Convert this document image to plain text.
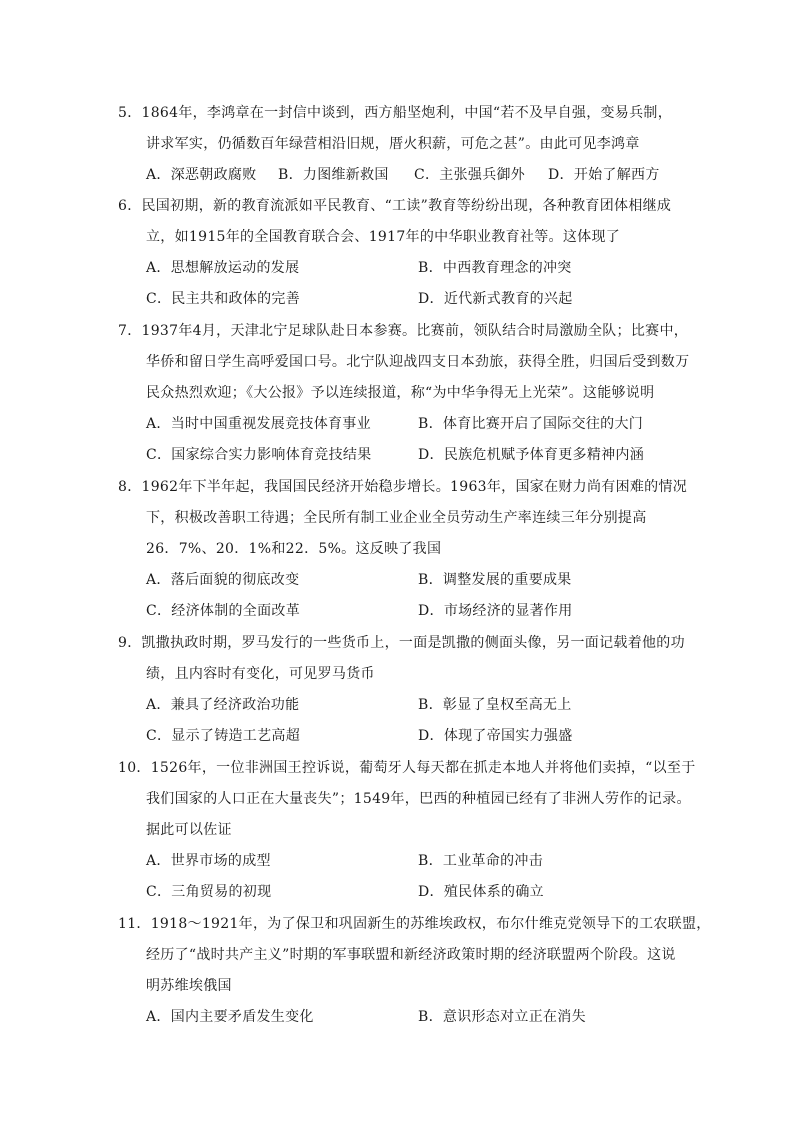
5．1864年，李鸿章在一封信中谈到，西方船坚炮利，中国“若不及早自强，变易兵制，
讲求军实，仍循数百年绿营相沿旧规，厝火积薪，可危之甚”。由此可见李鸿章
A．深恶朝政腐败 B．力图维新救国 C．主张强兵御外 D．开始了解西方
6．民国初期，新的教育流派如平民教育、“工读”教育等纷纷出现，各种教育团体相继成
立，如1915年的全国教育联合会、1917年的中华职业教育社等。这体现了
A．思想解放运动的发展	B．中西教育理念的冲突
C．民主共和政体的完善	D．近代新式教育的兴起
7．1937年4月，天津北宁足球队赴日本参赛。比赛前，领队结合时局激励全队；比赛中，
华侨和留日学生高呼爱国口号。北宁队迎战四支日本劲旅，获得全胜，归国后受到数万
民众热烈欢迎；《大公报》予以连续报道，称“为中华争得无上光荣”。这能够说明
A．当时中国重视发展竞技体育事业	B．体育比赛开启了国际交往的大门
C．国家综合实力影响体育竞技结果	D．民族危机赋予体育更多精神内涵
8．1962年下半年起，我国国民经济开始稳步增长。1963年，国家在财力尚有困难的情况
下，积极改善职工待遇；全民所有制工业企业全员劳动生产率连续三年分别提高
26．7%、20．1%和22．5%。这反映了我国
A．落后面貌的彻底改变	B．调整发展的重要成果
C．经济体制的全面改革	D．市场经济的显著作用
9．凯撒执政时期，罗马发行的一些货币上，一面是凯撒的侧面头像，另一面记载着他的功
绩，且内容时有变化，可见罗马货币
A．兼具了经济政治功能	B．彰显了皇权至高无上
C．显示了铸造工艺高超	D．体现了帝国实力强盛
10．1526年，一位非洲国王控诉说，葡萄牙人每天都在抓走本地人并将他们卖掉，“以至于
我们国家的人口正在大量丧失”；1549年，巴西的种植园已经有了非洲人劳作的记录。
据此可以佐证
A．世界市场的成型	B．工业革命的冲击
C．三角贸易的初现	D．殖民体系的确立
11．1918～1921年，为了保卫和巩固新生的苏维埃政权，布尔什维克党领导下的工农联盟，
经历了“战时共产主义”时期的军事联盟和新经济政策时期的经济联盟两个阶段。这说
明苏维埃俄国
A．国内主要矛盾发生变化	B．意识形态对立正在消失
